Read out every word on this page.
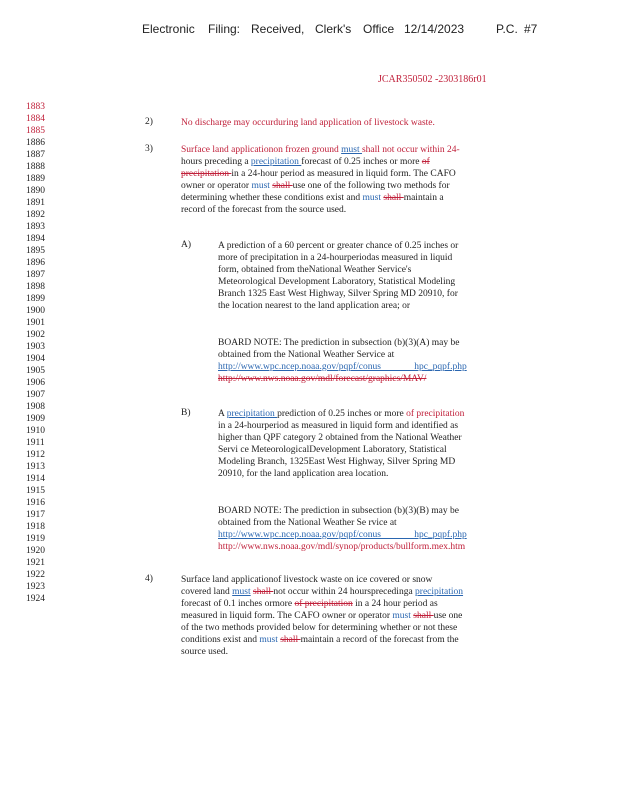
Electronic Filing: Received, Clerk's Office 12/14/2023	P.C. #7
JCAR350502 -2303186r01
1883
1884
1885
1886
1887
1888
1889
1890
1891
1892
1893
1894
1895
1896
1897
1898
1899
1900
1901
1902
1903
1904
1905
1906
1907
1908
1909
1910
1911
1912
1913
1914
1915
1916
1917
1918
1919
1920
1921
1922
1923
1924
2)	No discharge may occurduring land application of livestock waste.
3)	Surface land applicationon frozen ground must shall not occur within 24-
hours preceding a precipitation forecast of 0.25 inches or more of
precipitation in a 24-hour period as measured in liquid form. The CAFO
owner or operator must shall use one of the following two methods for
determining whether these conditions exist and must shall maintain a
record of the forecast from the source used.
A)	A prediction of a 60 percent or greater chance of 0.25 inches or
more of precipitation in a 24-hourperiodas measured in liquid
form, obtained from theNational Weather Service's
Meteorological Development Laboratory, Statistical Modeling
Branch 1325 East West Highway, Silver Spring MD 20910, for
the location nearest to the land application area; or
BOARD NOTE: The prediction in subsection (b)(3)(A) may be
obtained from the National Weather Service at
http://www.wpc.ncep.noaa.gov/pqpf/conus              hpc_pqpf.php
http://www.nws.noaa.gov/mdl/forecast/graphics/MAV/
B)	A precipitation prediction of 0.25 inches or more of precipitation
in a 24-hourperiod as measured in liquid form and identified as
higher than QPF category 2 obtained from the National Weather
Servi ce MeteorologicalDevelopment Laboratory, Statistical
Modeling Branch, 1325East West Highway, Silver Spring MD
20910, for the land application area location.
BOARD NOTE: The prediction in subsection (b)(3)(B) may be
obtained from the National Weather Se rvice at
http://www.wpc.ncep.noaa.gov/pqpf/conus              hpc_pqpf.php
http://www.nws.noaa.gov/mdl/synop/products/bullform.mex.htm
4)	Surface land applicationof livestock waste on ice covered or snow
covered land must shall not occur within 24 hoursprecedinga precipitation
forecast of 0.1 inches ormore of precipitation in a 24 hour period as
measured in liquid form. The CAFO owner or operator must shall use one
of the two methods provided below for determining whether or not these
conditions exist and must shall maintain a record of the forecast from the
source used.
